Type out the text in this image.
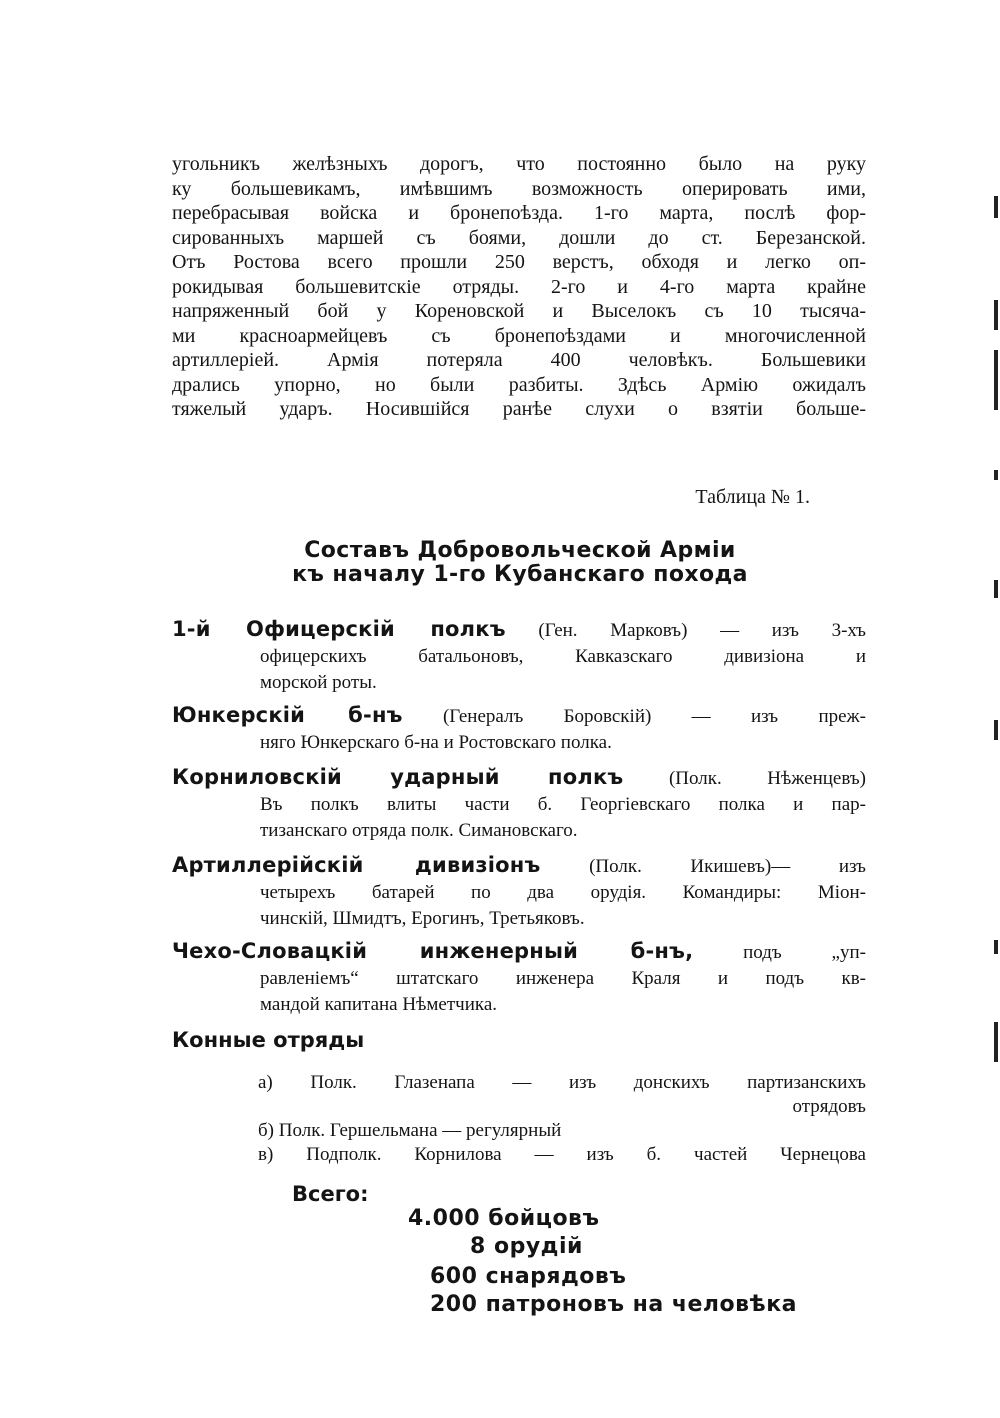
угольникъ желѣзныхъ дорогъ, что постоянно было на руку
ку большевикамъ, имѣвшимъ возможность оперировать ими,
перебрасывая войска и бронепоѣзда. 1-го марта, послѣ фор-
сированныхъ маршей съ боями, дошли до ст. Березанской.
Отъ Ростова всего прошли 250 верстъ, обходя и легко оп-
рокидывая большевитскіе отряды. 2-го и 4-го марта крайне
напряженный бой у Кореновской и Выселокъ съ 10 тысяча-
ми красноармейцевъ съ бронепоѣздами и многочисленной
артиллеріей. Армія потеряла 400 человѣкъ. Большевики
дрались упорно, но были разбиты. Здѣсь Армію ожидалъ
тяжелый ударъ. Носившійся ранѣе слухи о взятіи больше-
Таблица № 1.
Составъ Добровольческой Арміи
къ началу 1-го Кубанскаго похода
1-й Офицерскій полкъ (Ген. Марковъ) — изъ 3-хъ
офицерскихъ батальоновъ, Кавказскаго дивизіона и
морской роты.
Юнкерскій б-нъ (Генералъ Боровскій) — изъ преж-
няго Юнкерскаго б-на и Ростовскаго полка.
Корниловскій ударный полкъ (Полк. Нѣженцевъ)
Въ полкъ влиты части б. Георгіевскаго полка и пар-
тизанскаго отряда полк. Симановскаго.
Артиллерійскій дивизіонъ	(Полк. Икишевъ)— изъ
четырехъ батарей по два орудія. Командиры: Міон-
чинскій, Шмидтъ, Ерогинъ, Третьяковъ.
Чехо-Словацкій инженерный б-нъ,	подъ „уп-
равленіемъ“ штатскаго инженера Краля и подъ кв-
мандой капитана Нѣметчика.
Конные отряды
а) Полк. Глазенапа — изъ донскихъ партизанскихъ
отрядовъ
б) Полк. Гершельмана — регулярный
в) Подполк. Корнилова — изъ б. частей Чернецова
Всего:
4.000 бойцовъ
8 орудій
600 снарядовъ
200 патроновъ на человѣка
